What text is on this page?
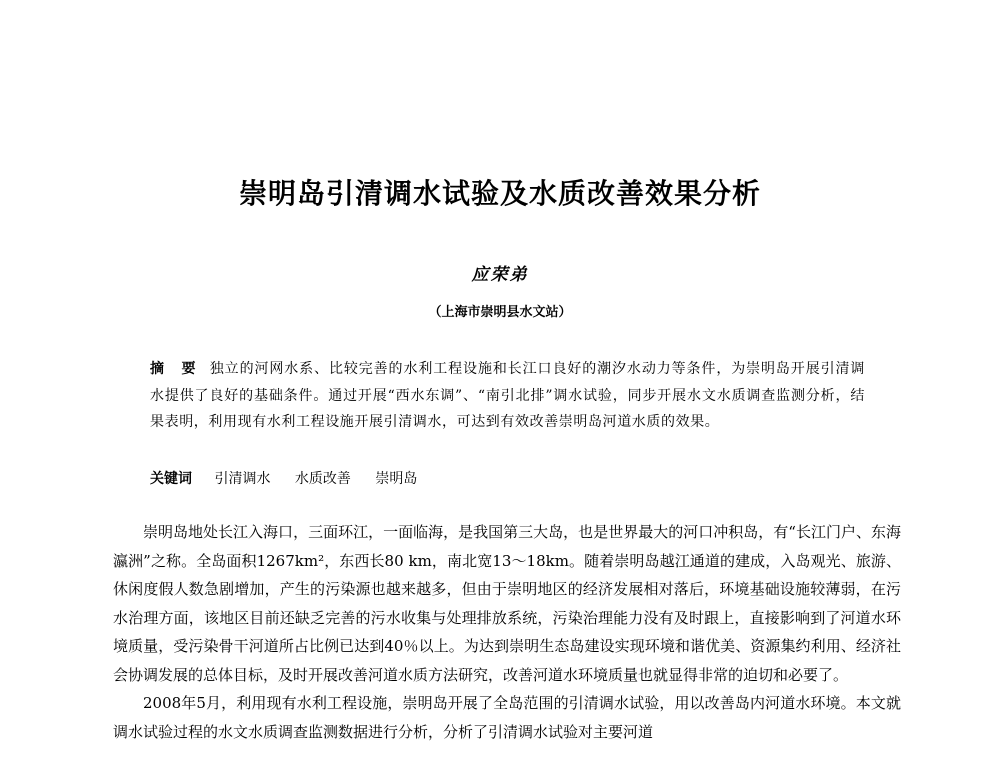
崇明岛引清调水试验及水质改善效果分析
应荣弟
（上海市崇明县水文站）
摘 要 独立的河网水系、比较完善的水利工程设施和长江口良好的潮汐水动力等条件，为崇明岛开展引清调水提供了良好的基础条件。通过开展“西水东调”、“南引北排”调水试验，同步开展水文水质调查监测分析，结果表明，利用现有水利工程设施开展引清调水，可达到有效改善崇明岛河道水质的效果。
关键词 引清调水 水质改善 崇明岛

崇明岛地处长江入海口，三面环江，一面临海，是我国第三大岛，也是世界最大的河口冲积岛，有“长江门户、东海瀛洲”之称。全岛面积1267km²，东西长80 km，南北宽13～18km。随着崇明岛越江通道的建成，入岛观光、旅游、休闲度假人数急剧增加，产生的污染源也越来越多，但由于崇明地区的经济发展相对落后，环境基础设施较薄弱，在污水治理方面，该地区目前还缺乏完善的污水收集与处理排放系统，污染治理能力没有及时跟上，直接影响到了河道水环境质量，受污染骨干河道所占比例已达到40％以上。为达到崇明生态岛建设实现环境和谐优美、资源集约利用、经济社会协调发展的总体目标，及时开展改善河道水质方法研究，改善河道水环境质量也就显得非常的迫切和必要了。

2008年5月，利用现有水利工程设施，崇明岛开展了全岛范围的引清调水试验，用以改善岛内河道水环境。本文就调水试验过程的水文水质调查监测数据进行分析，分析了引清调水试验对主要河道
